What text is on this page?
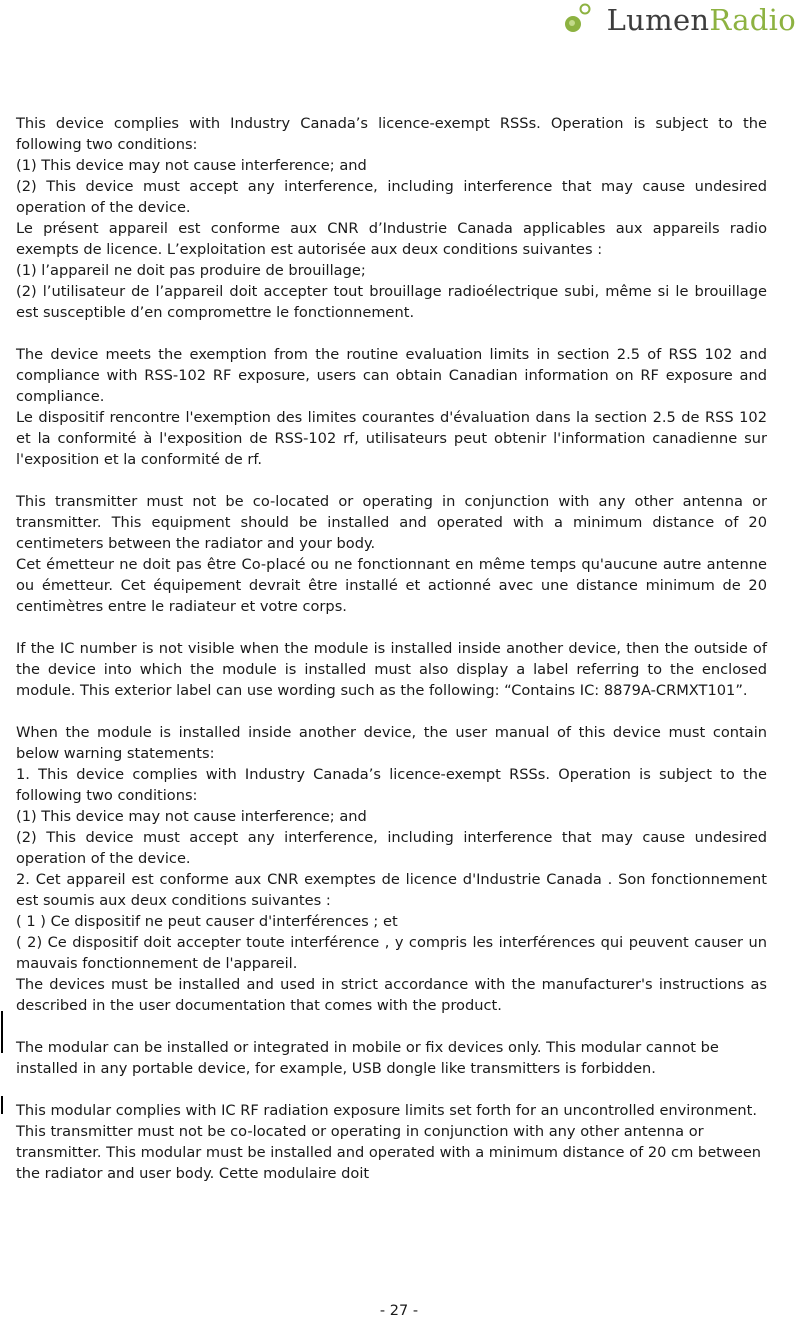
LumenRadio

This device complies with Industry Canada’s licence-exempt RSSs. Operation is subject to the following two conditions:

(1) This device may not cause interference; and

(2) This device must accept any interference, including interference that may cause undesired operation of the device.

Le présent appareil est conforme aux CNR d’Industrie Canada applicables aux appareils radio exempts de licence. L’exploitation est autorisée aux deux conditions suivantes :

(1) l’appareil ne doit pas produire de brouillage;

(2) l’utilisateur de l’appareil doit accepter tout brouillage radioélectrique subi, même si le brouillage est susceptible d’en compromettre le fonctionnement.

The device meets the exemption from the routine evaluation limits in section 2.5 of RSS 102 and compliance with RSS-102 RF exposure, users can obtain Canadian information on RF exposure and compliance.

Le dispositif rencontre l'exemption des limites courantes d'évaluation dans la section 2.5 de RSS 102 et la conformité à l'exposition de RSS-102 rf, utilisateurs peut obtenir l'information canadienne sur l'exposition et la conformité de rf.

This transmitter must not be co-located or operating in conjunction with any other antenna or transmitter. This equipment should be installed and operated with a minimum distance of 20 centimeters between the radiator and your body.

Cet émetteur ne doit pas être Co-placé ou ne fonctionnant en même temps qu'aucune autre antenne ou émetteur. Cet équipement devrait être installé et actionné avec une distance minimum de 20 centimètres entre le radiateur et votre corps.

If the IC number is not visible when the module is installed inside another device, then the outside of the device into which the module is installed must also display a label referring to the enclosed module. This exterior label can use wording such as the following: “Contains IC: 8879A-CRMXT101”.

When the module is installed inside another device, the user manual of this device must contain below warning statements:

1. This device complies with Industry Canada’s licence-exempt RSSs. Operation is subject to the following two conditions:

(1) This device may not cause interference; and

(2) This device must accept any interference, including interference that may cause undesired operation of the device.

2. Cet appareil est conforme aux CNR exemptes de licence d'Industrie Canada . Son fonctionnement est soumis aux deux conditions suivantes :

( 1 ) Ce dispositif ne peut causer d'interférences ; et

( 2) Ce dispositif doit accepter toute interférence , y compris les interférences qui peuvent causer un mauvais fonctionnement de l'appareil.

The devices must be installed and used in strict accordance with the manufacturer's instructions as described in the user documentation that comes with the product.

The modular can be installed or integrated in mobile or fix devices only. This modular cannot be installed in any portable device, for example, USB dongle like transmitters is forbidden.

This modular complies with IC RF radiation exposure limits set forth for an uncontrolled environment. This transmitter must not be co-located or operating in conjunction with any other antenna or transmitter. This modular must be installed and operated with a minimum distance of 20 cm between the radiator and user body. Cette modulaire doit

- 27 -
